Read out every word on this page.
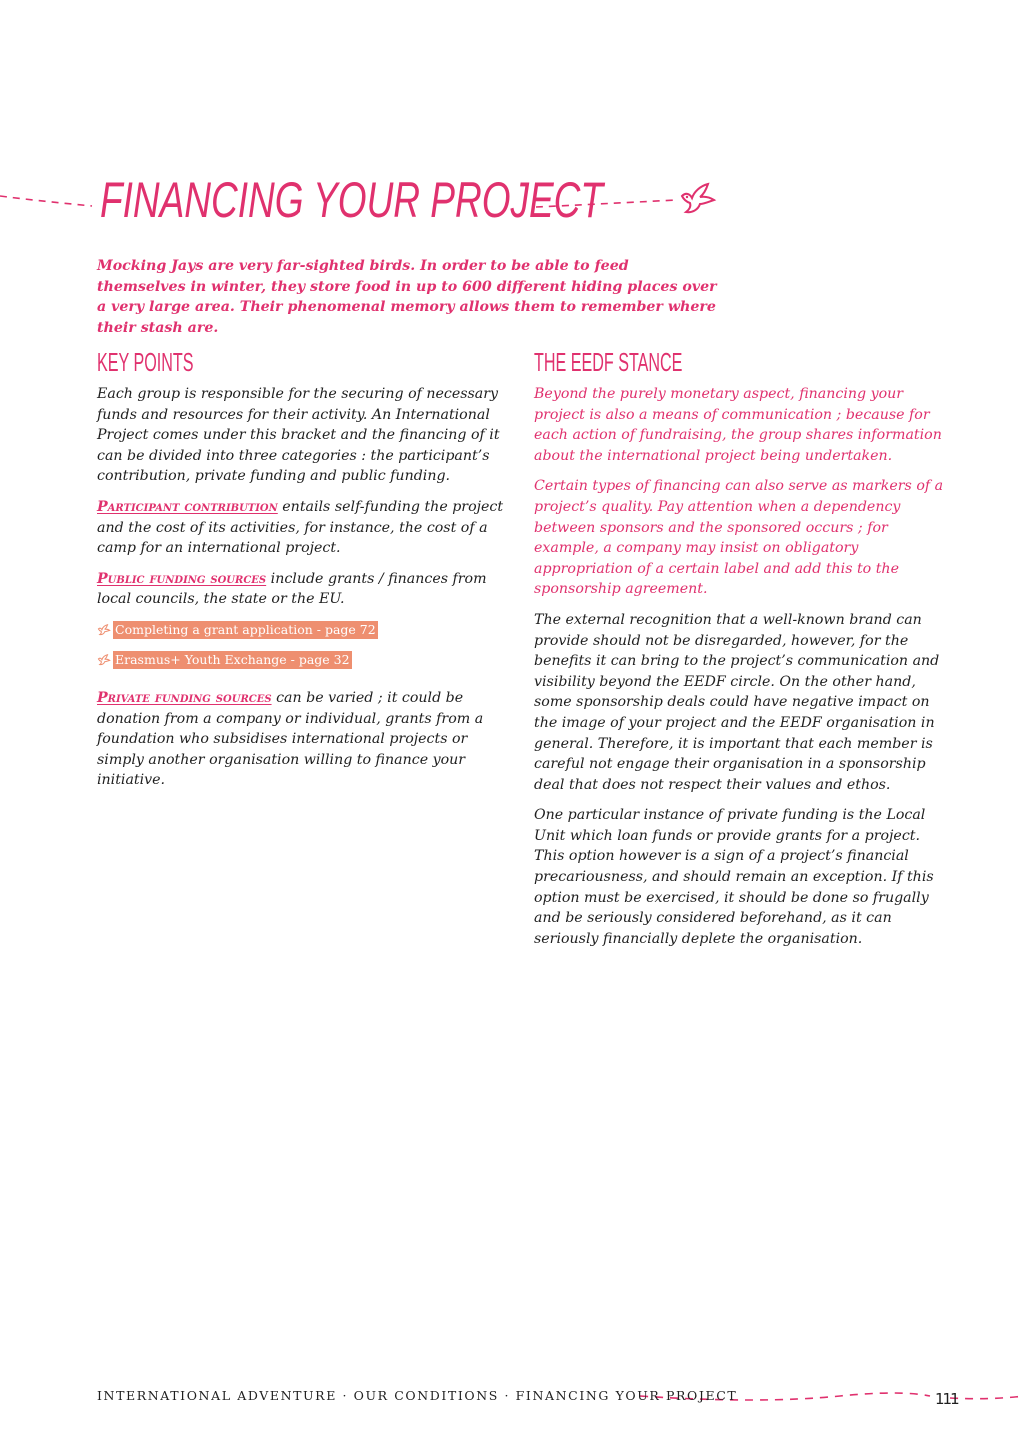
FINANCING YOUR PROJECT

Mocking Jays are very far-sighted birds. In order to be able to feed themselves in winter, they store food in up to 600 different hiding places over a very large area. Their phenomenal memory allows them to remember where their stash are.

KEY POINTS

Each group is responsible for the securing of necessary funds and resources for their activity. An International Project comes under this bracket and the financing of it can be divided into three categories : the participant’s contribution, private funding and public funding.

Participant contribution entails self-funding the project and the cost of its activities, for instance, the cost of a camp for an international project.

Public funding sources include grants / finances from local councils, the state or the EU.

Completing a grant application - page 72
Erasmus+ Youth Exchange - page 32

Private funding sources can be varied ; it could be donation from a company or individual, grants from a foundation who subsidises international projects or simply another organisation willing to finance your initiative.

THE EEDF STANCE

Beyond the purely monetary aspect, financing your project is also a means of communication ; because for each action of fundraising, the group shares information about the international project being undertaken.

Certain types of financing can also serve as markers of a project’s quality. Pay attention when a dependency between sponsors and the sponsored occurs ; for example, a company may insist on obligatory appropriation of a certain label and add this to the sponsorship agreement.

The external recognition that a well-known brand can provide should not be disregarded, however, for the benefits it can bring to the project’s communication and visibility beyond the EEDF circle. On the other hand, some sponsorship deals could have negative impact on the image of your project and the EEDF organisation in general. Therefore, it is important that each member is careful not engage their organisation in a sponsorship deal that does not respect their values and ethos.

One particular instance of private funding is the Local Unit which loan funds or provide grants for a project. This option however is a sign of a project’s financial precariousness, and should remain an exception. If this option must be exercised, it should be done so frugally and be seriously considered beforehand, as it can seriously financially deplete the organisation.

111

INTERNATIONAL ADVENTURE · OUR CONDITIONS · FINANCING YOUR PROJECT
